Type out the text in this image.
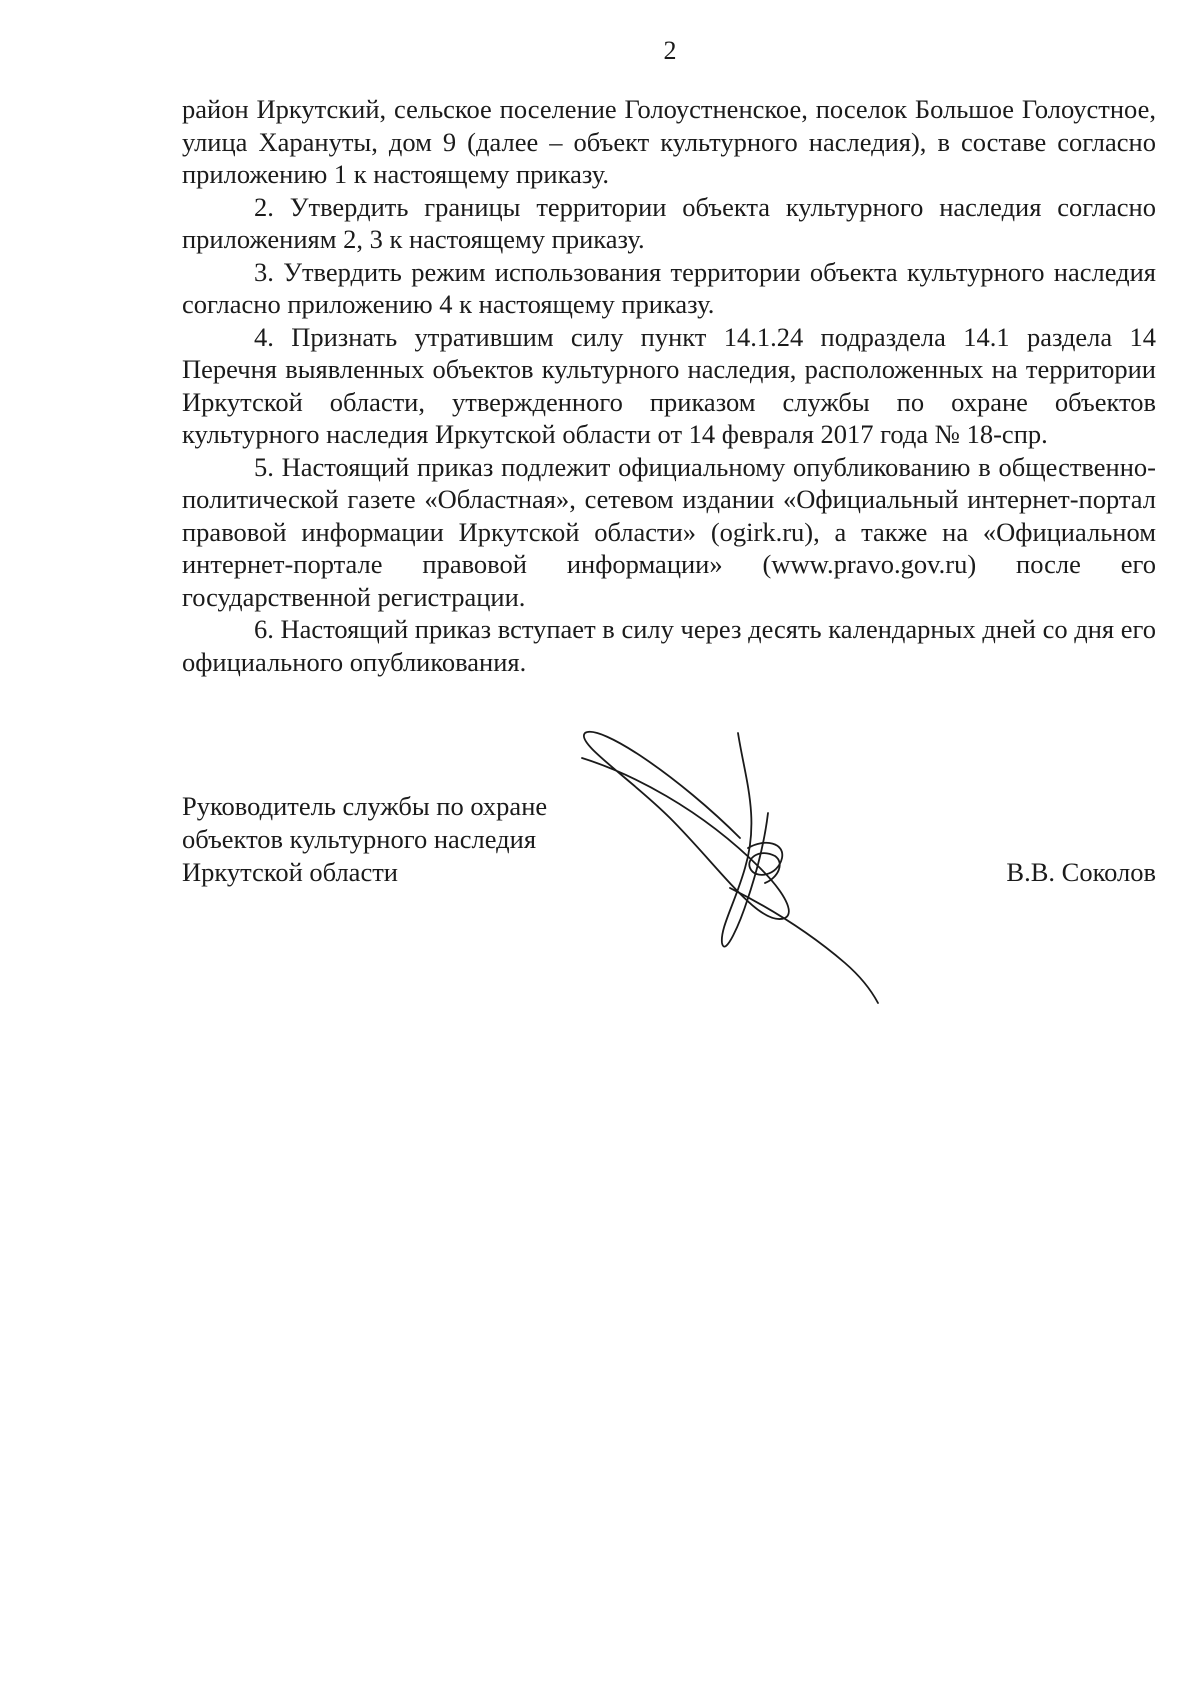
2

район Иркутский, сельское поселение Голоустненское, поселок Большое Голоустное, улица Харануты, дом 9 (далее – объект культурного наследия), в составе согласно приложению 1 к настоящему приказу.

2. Утвердить границы территории объекта культурного наследия согласно приложениям 2, 3 к настоящему приказу.

3. Утвердить режим использования территории объекта культурного наследия согласно приложению 4 к настоящему приказу.

4. Признать утратившим силу пункт 14.1.24 подраздела 14.1 раздела 14 Перечня выявленных объектов культурного наследия, расположенных на территории Иркутской области, утвержденного приказом службы по охране объектов культурного наследия Иркутской области от 14 февраля 2017 года № 18-спр.

5. Настоящий приказ подлежит официальному опубликованию в общественно-политической газете «Областная», сетевом издании «Официальный интернет-портал правовой информации Иркутской области» (ogirk.ru), а также на «Официальном интернет-портале правовой информации» (www.pravo.gov.ru) после его государственной регистрации.

6. Настоящий приказ вступает в силу через десять календарных дней со дня его официального опубликования.

Руководитель службы по охране
объектов культурного наследия
Иркутской области	В.В. Соколов
